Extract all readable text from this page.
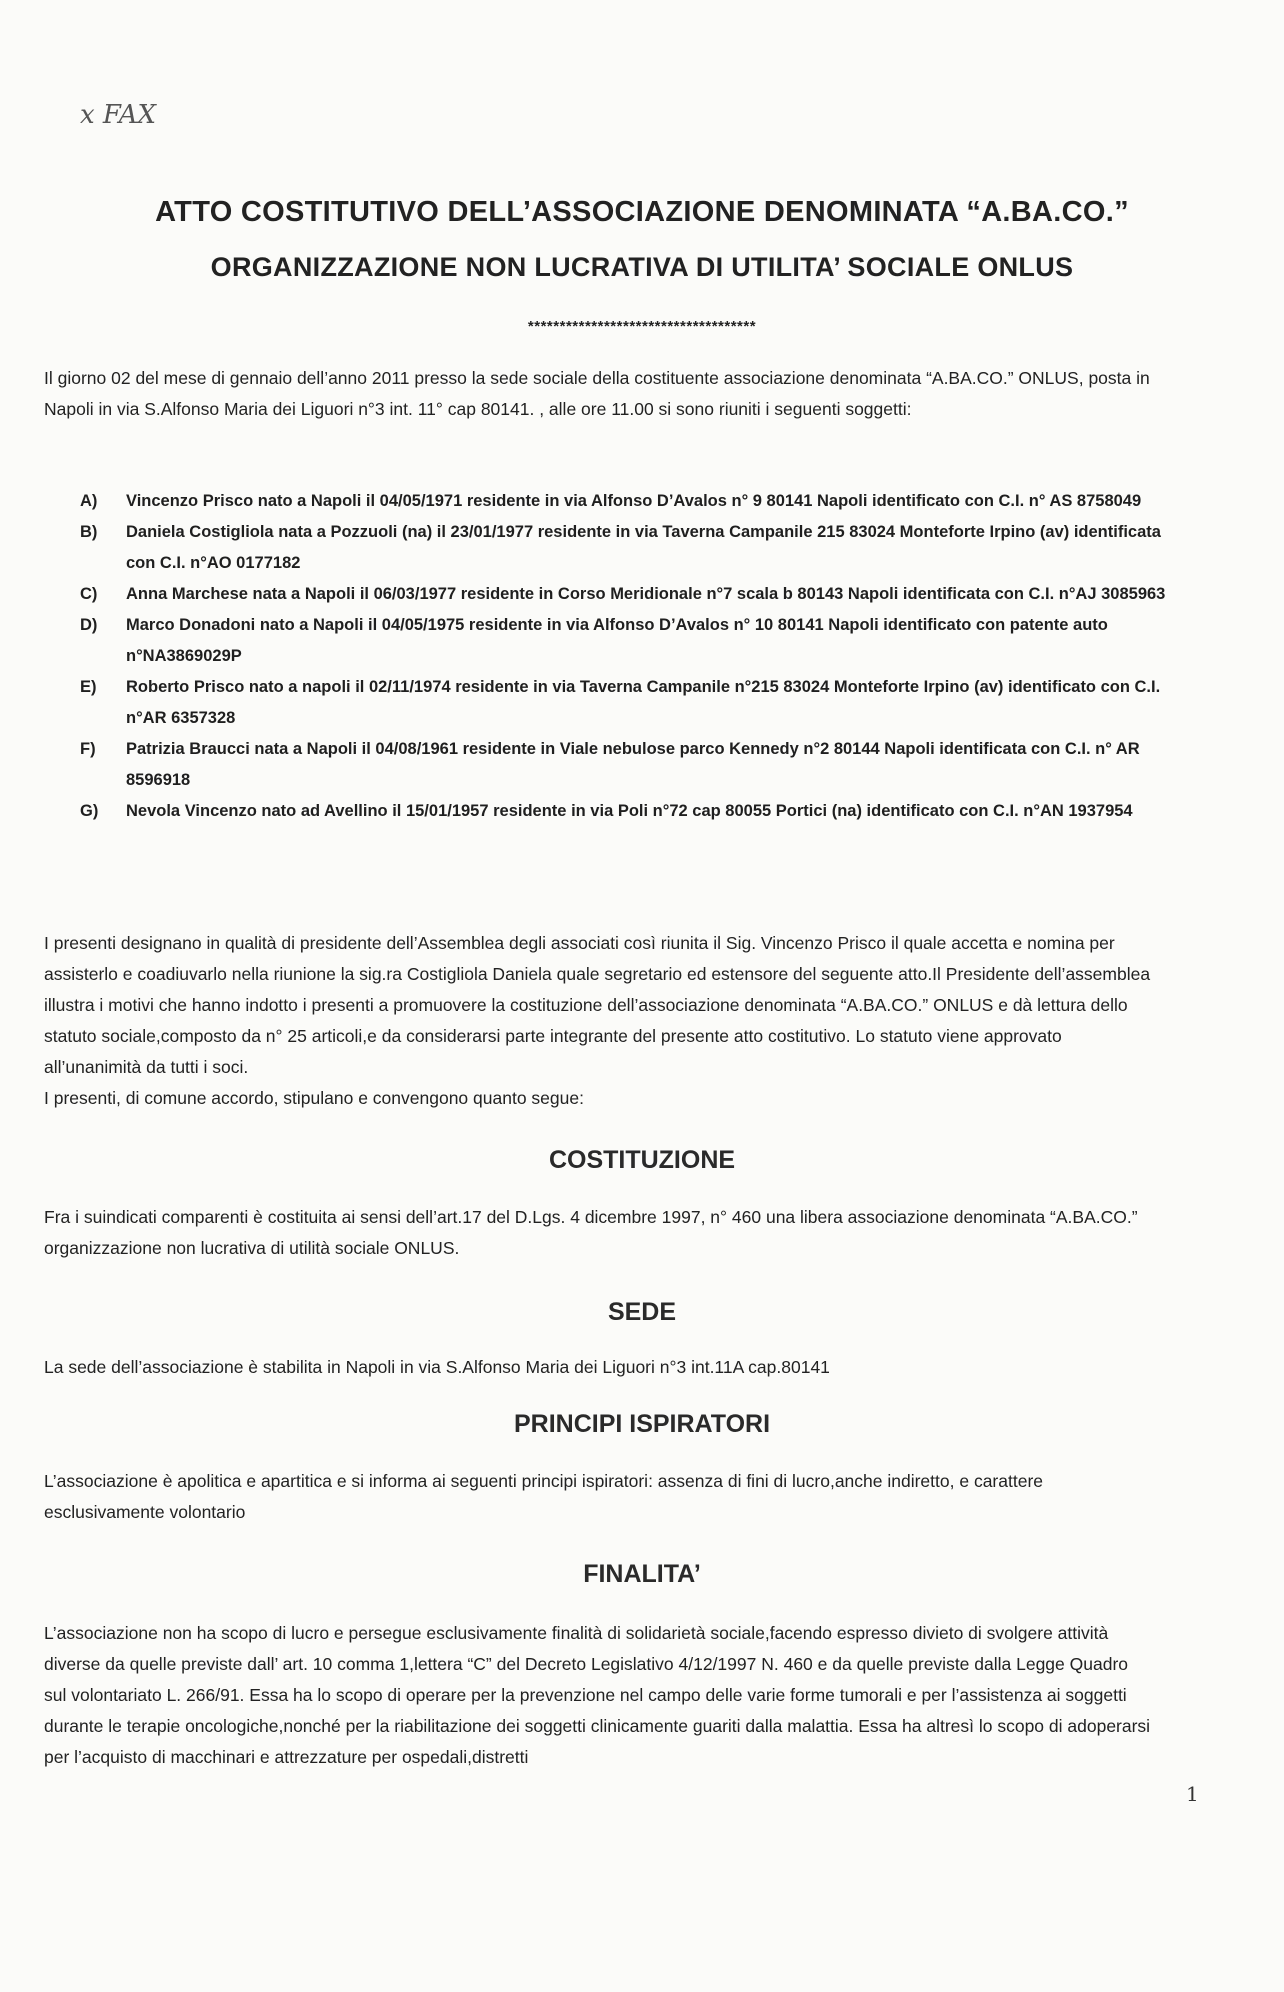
x FAX
ATTO COSTITUTIVO DELL’ASSOCIAZIONE DENOMINATA “A.BA.CO.”
ORGANIZZAZIONE NON LUCRATIVA DI UTILITA’ SOCIALE ONLUS
************************************
Il giorno 02 del mese di gennaio dell’anno 2011 presso la sede sociale della costituente associazione denominata “A.BA.CO.” ONLUS, posta in Napoli in via S.Alfonso Maria dei Liguori n°3 int. 11° cap 80141. , alle ore 11.00 si sono riuniti i seguenti soggetti:
A)	Vincenzo Prisco nato a Napoli il 04/05/1971 residente in via Alfonso D’Avalos n° 9 80141 Napoli identificato con C.I. n° AS 8758049
B)	Daniela Costigliola nata a Pozzuoli (na) il 23/01/1977 residente in via Taverna Campanile 215 83024 Monteforte Irpino (av) identificata con C.I. n°AO 0177182
C)	Anna Marchese nata a Napoli il 06/03/1977 residente in Corso Meridionale n°7 scala b 80143 Napoli identificata con C.I. n°AJ 3085963
D)	Marco Donadoni nato a Napoli il 04/05/1975 residente in via Alfonso D’Avalos n° 10 80141 Napoli identificato con patente auto n°NA3869029P
E)	Roberto Prisco nato a napoli il 02/11/1974 residente in via Taverna Campanile n°215 83024 Monteforte Irpino (av) identificato con C.I. n°AR 6357328
F)	Patrizia Braucci nata a Napoli il 04/08/1961 residente in Viale nebulose parco Kennedy n°2 80144 Napoli identificata con C.I. n° AR 8596918
G)	Nevola Vincenzo nato ad Avellino il 15/01/1957 residente in via Poli n°72 cap 80055 Portici (na) identificato con C.I. n°AN 1937954
I presenti designano in qualità di presidente dell’Assemblea degli associati così riunita il Sig. Vincenzo Prisco il quale accetta e nomina per assisterlo e coadiuvarlo nella riunione la sig.ra Costigliola Daniela quale segretario ed estensore del seguente atto.Il Presidente dell’assemblea illustra i motivi che hanno indotto i presenti a promuovere la costituzione dell’associazione denominata “A.BA.CO.” ONLUS e dà lettura dello statuto sociale,composto da n° 25 articoli,e da considerarsi parte integrante del presente atto costitutivo. Lo statuto viene approvato all’unanimità da tutti i soci.
I presenti, di comune accordo, stipulano e convengono quanto segue:
COSTITUZIONE
Fra i suindicati comparenti è costituita ai sensi dell’art.17 del D.Lgs. 4 dicembre 1997, n° 460 una libera associazione denominata “A.BA.CO.” organizzazione non lucrativa di utilità sociale ONLUS.
SEDE
La sede dell’associazione è stabilita in Napoli in via S.Alfonso Maria dei Liguori n°3 int.11A cap.80141
PRINCIPI ISPIRATORI
L’associazione è apolitica e apartitica e si informa ai seguenti principi ispiratori: assenza di fini di lucro,anche indiretto, e carattere esclusivamente volontario
FINALITA’
L’associazione non ha scopo di lucro e persegue esclusivamente finalità di solidarietà sociale,facendo espresso divieto di svolgere attività diverse da quelle previste dall’ art. 10 comma 1,lettera “C” del Decreto Legislativo 4/12/1997 N. 460 e da quelle previste dalla Legge Quadro sul volontariato L. 266/91. Essa ha lo scopo di operare per la prevenzione nel campo delle varie forme tumorali e per l’assistenza ai soggetti durante le terapie oncologiche,nonché per la riabilitazione dei soggetti clinicamente guariti dalla malattia. Essa ha altresì lo scopo di adoperarsi per l’acquisto di macchinari e attrezzature per ospedali,distretti
1
